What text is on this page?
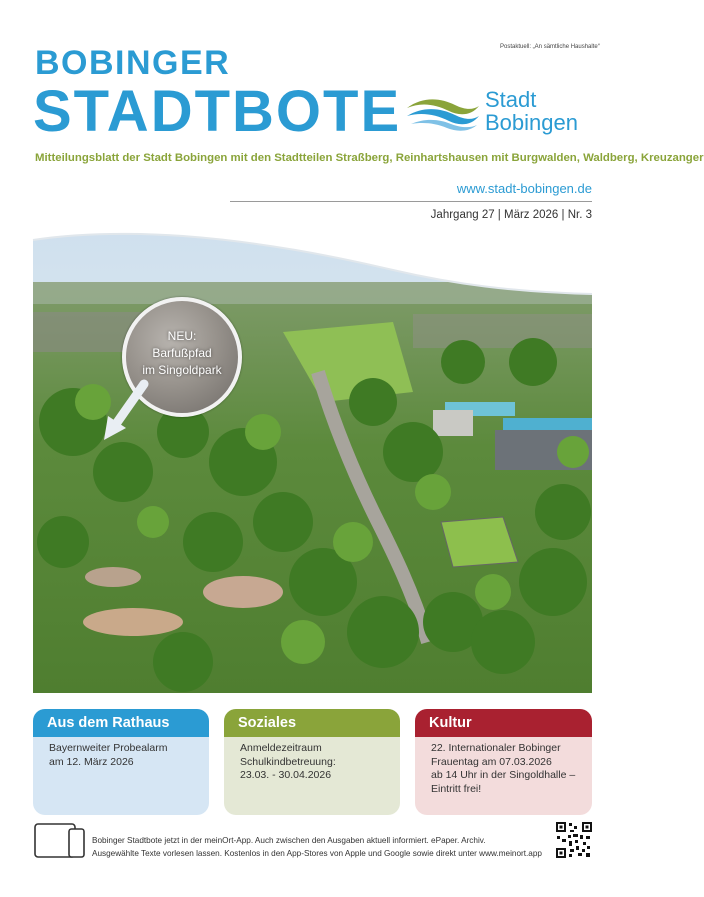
Postaktuell: „An sämtliche Haushalte“
BOBINGER
STADTBOTE	Stadt
Bobingen
Mitteilungsblatt der Stadt Bobingen mit den Stadtteilen Straßberg, Reinhartshausen mit Burgwalden, Waldberg, Kreuzanger
www.stadt-bobingen.de
Jahrgang 27 | März 2026 | Nr. 3
NEU:
Barfußpfad
im Singoldpark
Aus dem Rathaus
Bayernweiter Probealarm
am 12. März 2026
Soziales
Anmeldezeitraum
Schulkindbetreuung:
23.03. - 30.04.2026
Kultur
22. Internationaler Bobinger
Frauentag am 07.03.2026
ab 14 Uhr in der Singoldhalle –
Eintritt frei!
Bobinger Stadtbote jetzt in der meinOrt-App. Auch zwischen den Ausgaben aktuell informiert. ePaper. Archiv.
Ausgewählte Texte vorlesen lassen. Kostenlos in den App-Stores von Apple und Google sowie direkt unter www.meinort.app
